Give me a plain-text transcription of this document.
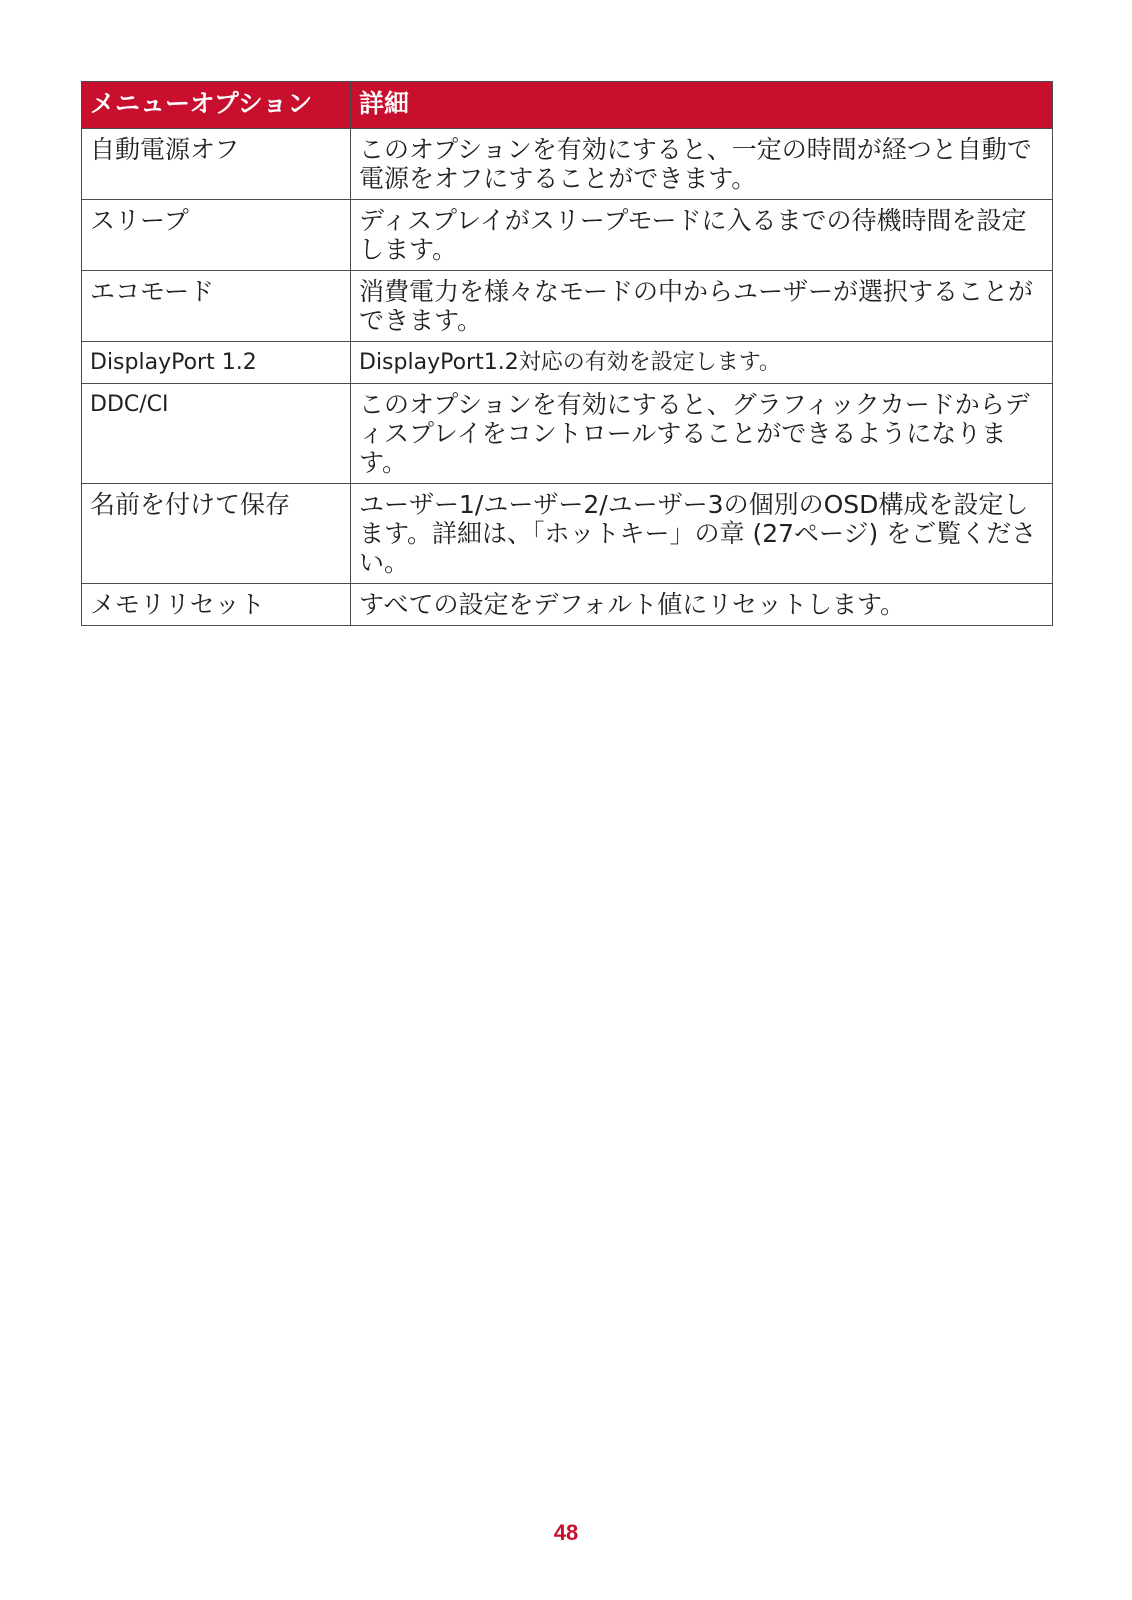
メニューオプション	詳細
自動電源オフ	このオプションを有効にすると、一定の時間が経つと自動で電源をオフにすることができます。
スリープ	ディスプレイがスリープモードに入るまでの待機時間を設定します。
エコモード	消費電力を様々なモードの中からユーザーが選択することができます。
DisplayPort 1.2	DisplayPort1.2対応の有効を設定します。
DDC/CI	このオプションを有効にすると、グラフィックカードからディスプレイをコントロールすることができるようになります。
名前を付けて保存	ユーザー1/ユーザー2/ユーザー3の個別のOSD構成を設定します。詳細は、「ホットキー」の章 (27ページ) をご覧ください。
メモリリセット	すべての設定をデフォルト値にリセットします。
48
